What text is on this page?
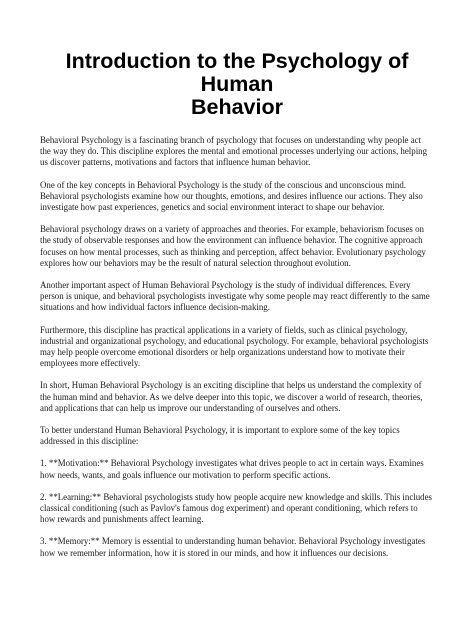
Introduction to the Psychology of
Human
Behavior

Behavioral Psychology is a fascinating branch of psychology that focuses on understanding why people act the way they do. This discipline explores the mental and emotional processes underlying our actions, helping us discover patterns, motivations and factors that influence human behavior.

One of the key concepts in Behavioral Psychology is the study of the conscious and unconscious mind. Behavioral psychologists examine how our thoughts, emotions, and desires influence our actions. They also investigate how past experiences, genetics and social environment interact to shape our behavior.

Behavioral psychology draws on a variety of approaches and theories. For example, behaviorism focuses on the study of observable responses and how the environment can influence behavior. The cognitive approach focuses on how mental processes, such as thinking and perception, affect behavior. Evolutionary psychology explores how our behaviors may be the result of natural selection throughout evolution.

Another important aspect of Human Behavioral Psychology is the study of individual differences. Every person is unique, and behavioral psychologists investigate why some people may react differently to the same situations and how individual factors influence decision-making.

Furthermore, this discipline has practical applications in a variety of fields, such as clinical psychology, industrial and organizational psychology, and educational psychology. For example, behavioral psychologists may help people overcome emotional disorders or help organizations understand how to motivate their employees more effectively.

In short, Human Behavioral Psychology is an exciting discipline that helps us understand the complexity of the human mind and behavior. As we delve deeper into this topic, we discover a world of research, theories, and applications that can help us improve our understanding of ourselves and others.

To better understand Human Behavioral Psychology, it is important to explore some of the key topics addressed in this discipline:

1. **Motivation:** Behavioral Psychology investigates what drives people to act in certain ways. Examines how needs, wants, and goals influence our motivation to perform specific actions.

2. **Learning:** Behavioral psychologists study how people acquire new knowledge and skills. This includes classical conditioning (such as Pavlov's famous dog experiment) and operant conditioning, which refers to how rewards and punishments affect learning.

3. **Memory:** Memory is essential to understanding human behavior. Behavioral Psychology investigates how we remember information, how it is stored in our minds, and how it influences our decisions.
